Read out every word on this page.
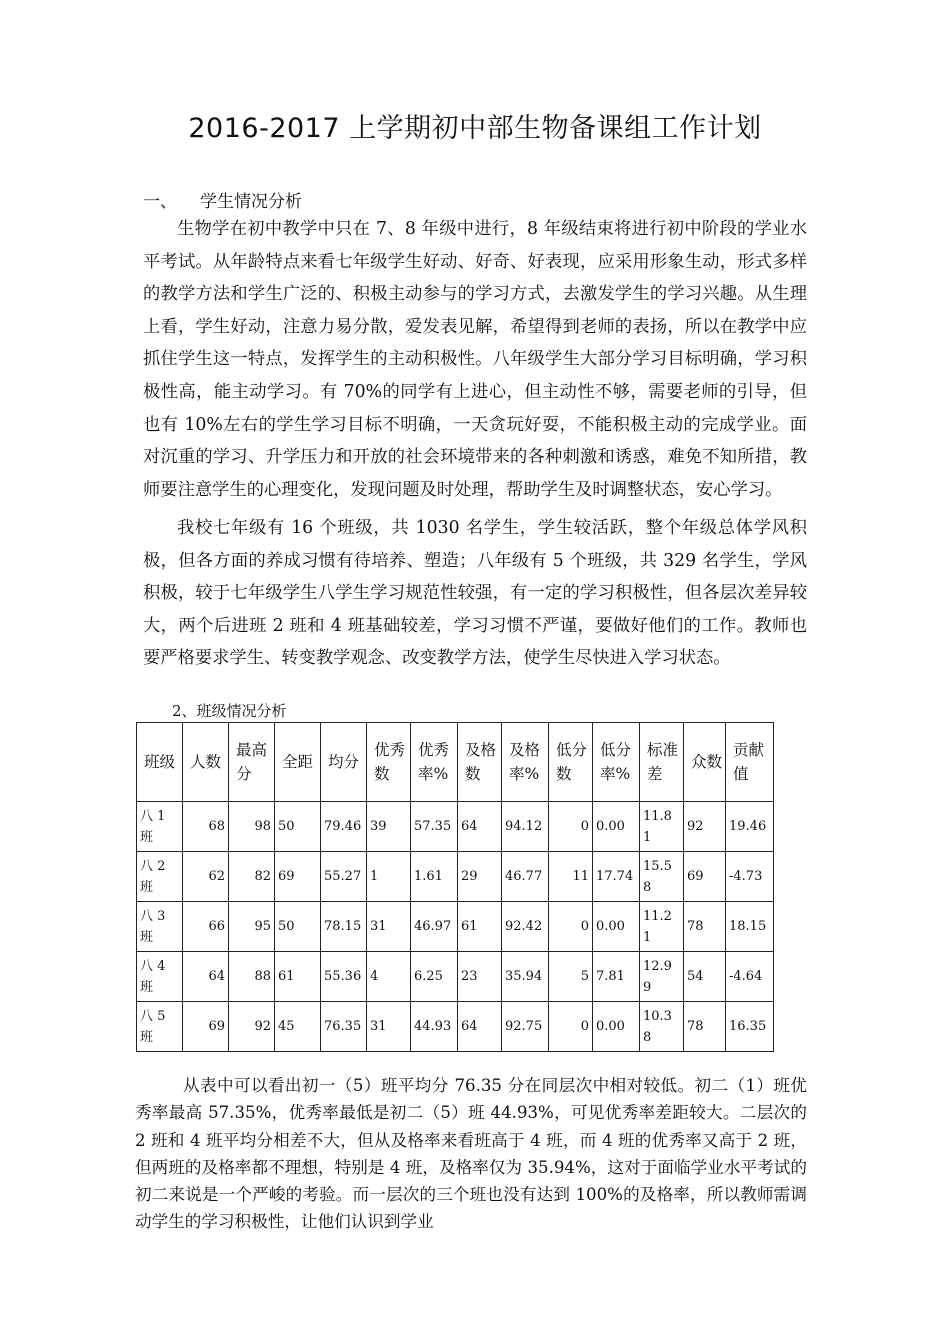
2016-2017 上学期初中部生物备课组工作计划
一、 学生情况分析

生物学在初中教学中只在 7、8 年级中进行，8 年级结束将进行初中阶段的学业水平考试。从年龄特点来看七年级学生好动、好奇、好表现，应采用形象生动，形式多样的教学方法和学生广泛的、积极主动参与的学习方式，去激发学生的学习兴趣。从生理上看，学生好动，注意力易分散，爱发表见解，希望得到老师的表扬，所以在教学中应抓住学生这一特点，发挥学生的主动积极性。八年级学生大部分学习目标明确，学习积极性高，能主动学习。有 70%的同学有上进心，但主动性不够，需要老师的引导，但也有 10%左右的学生学习目标不明确，一天贪玩好耍，不能积极主动的完成学业。面对沉重的学习、升学压力和开放的社会环境带来的各种刺激和诱惑，难免不知所措，教师要注意学生的心理变化，发现问题及时处理，帮助学生及时调整状态，安心学习。

我校七年级有 16 个班级，共 1030 名学生，学生较活跃，整个年级总体学风积极，但各方面的养成习惯有待培养、塑造；八年级有 5 个班级，共 329 名学生，学风积极，较于七年级学生八学生学习规范性较强，有一定的学习积极性，但各层次差异较大，两个后进班 2 班和 4 班基础较差，学习习惯不严谨，要做好他们的工作。教师也要严格要求学生、转变教学观念、改变教学方法，使学生尽快进入学习状态。

2、班级情况分析
班级	人数	最高分	全距	均分	优秀数	优秀率%	及格数	及格率%	低分数	低分率%	标准差	众数	贡献值

八 1 班	68	98	50	79.46	39	57.35	64	94.12	0	0.00	11.81	92	19.46
八 2 班	62	82	69	55.27	1	1.61	29	46.77	11	17.74	15.58	69	-4.73
八 3 班	66	95	50	78.15	31	46.97	61	92.42	0	0.00	11.21	78	18.15
八 4 班	64	88	61	55.36	4	6.25	23	35.94	5	7.81	12.99	54	-4.64
八 5 班	69	92	45	76.35	31	44.93	64	92.75	0	0.00	10.38	78	16.35

从表中可以看出初一（5）班平均分 76.35 分在同层次中相对较低。初二（1）班优秀率最高 57.35%，优秀率最低是初二（5）班 44.93%，可见优秀率差距较大。二层次的 2 班和 4 班平均分相差不大，但从及格率来看班高于 4 班，而 4 班的优秀率又高于 2 班，但两班的及格率都不理想，特别是 4 班，及格率仅为 35.94%，这对于面临学业水平考试的初二来说是一个严峻的考验。而一层次的三个班也没有达到 100%的及格率，所以教师需调动学生的学习积极性，让他们认识到学业
